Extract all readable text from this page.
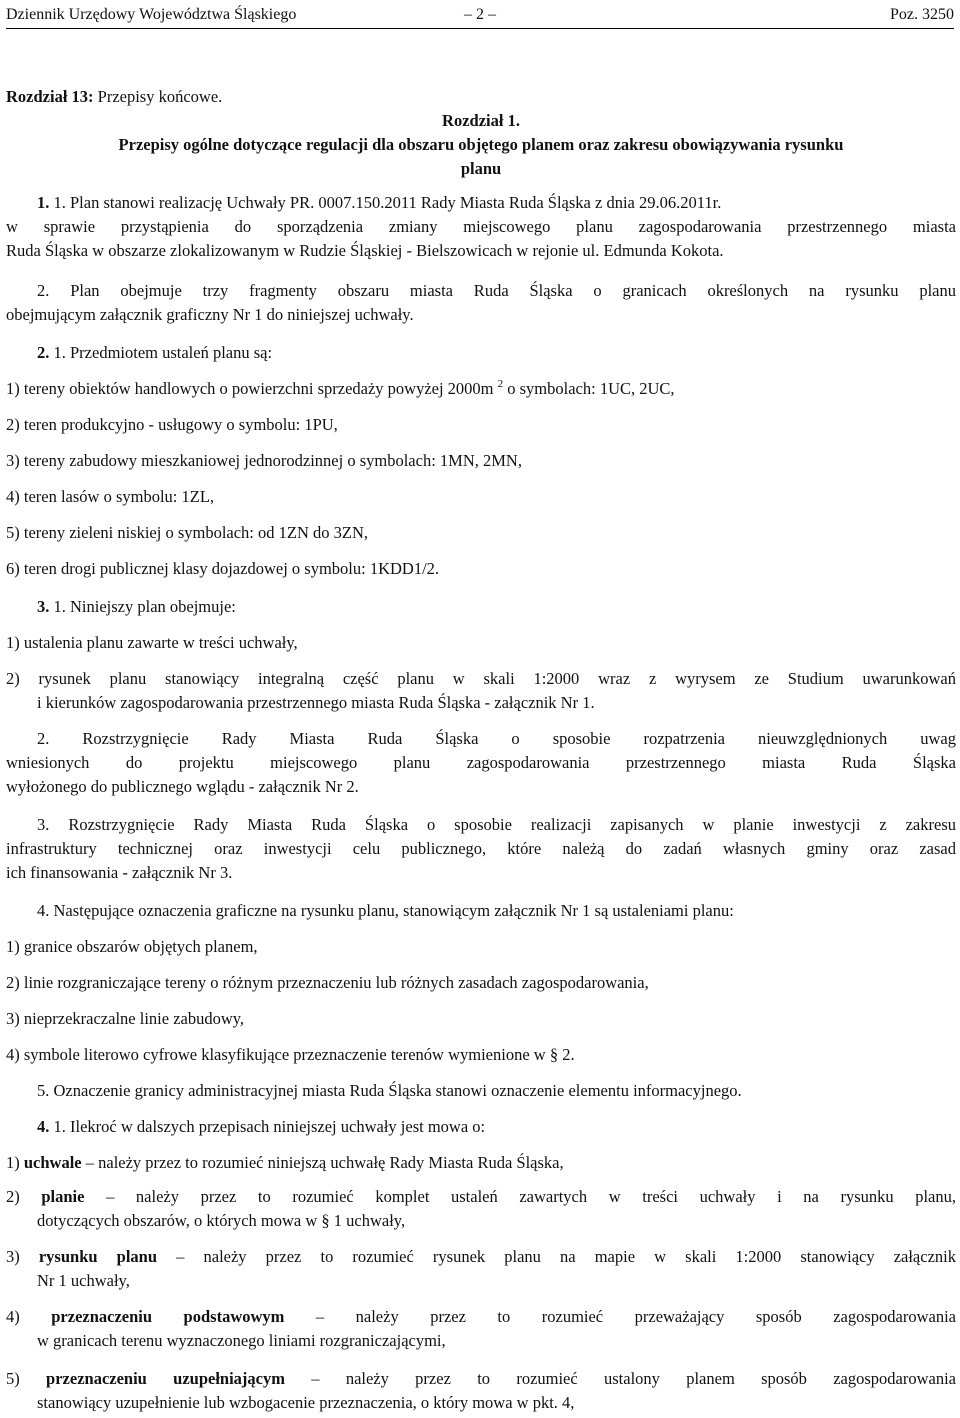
Dziennik Urzędowy Województwa Śląskiego	– 2 –	Poz. 3250
Rozdział 13: Przepisy końcowe.
Rozdział 1.
Przepisy ogólne dotyczące regulacji dla obszaru objętego planem oraz zakresu obowiązywania rysunku
planu
1. 1. Plan stanowi realizację Uchwały PR. 0007.150.2011 Rady Miasta Ruda Śląska z dnia 29.06.2011r.
w sprawie przystąpienia do sporządzenia zmiany miejscowego planu zagospodarowania przestrzennego miasta
Ruda Śląska w obszarze zlokalizowanym w Rudzie Śląskiej - Bielszowicach w rejonie ul. Edmunda Kokota.
2. Plan obejmuje trzy fragmenty obszaru miasta Ruda Śląska o granicach określonych na rysunku planu
obejmującym załącznik graficzny Nr 1 do niniejszej uchwały.
2. 1. Przedmiotem ustaleń planu są:
1) tereny obiektów handlowych o powierzchni sprzedaży powyżej 2000m $^2$ o symbolach: 1UC, 2UC,
2) teren produkcyjno - usługowy o symbolu: 1PU,
3) tereny zabudowy mieszkaniowej jednorodzinnej o symbolach: 1MN, 2MN,
4) teren lasów o symbolu: 1ZL,
5) tereny zieleni niskiej o symbolach: od 1ZN do 3ZN,
6) teren drogi publicznej klasy dojazdowej o symbolu: 1KDD1/2.
3. 1. Niniejszy plan obejmuje:
1) ustalenia planu zawarte w treści uchwały,
2) rysunek planu stanowiący integralną część planu w skali 1:2000 wraz z wyrysem ze Studium uwarunkowań
i kierunków zagospodarowania przestrzennego miasta Ruda Śląska - załącznik Nr 1.
2. Rozstrzygnięcie Rady Miasta Ruda Śląska o sposobie rozpatrzenia nieuwzględnionych uwag
wniesionych do projektu miejscowego planu zagospodarowania przestrzennego miasta Ruda Śląska
wyłożonego do publicznego wglądu - załącznik Nr 2.
3. Rozstrzygnięcie Rady Miasta Ruda Śląska o sposobie realizacji zapisanych w planie inwestycji z zakresu
infrastruktury technicznej oraz inwestycji celu publicznego, które należą do zadań własnych gminy oraz zasad
ich finansowania - załącznik Nr 3.
4. Następujące oznaczenia graficzne na rysunku planu, stanowiącym załącznik Nr 1 są ustaleniami planu:
1) granice obszarów objętych planem,
2) linie rozgraniczające tereny o różnym przeznaczeniu lub różnych zasadach zagospodarowania,
3) nieprzekraczalne linie zabudowy,
4) symbole literowo cyfrowe klasyfikujące przeznaczenie terenów wymienione w § 2.
5. Oznaczenie granicy administracyjnej miasta Ruda Śląska stanowi oznaczenie elementu informacyjnego.
4. 1. Ilekroć w dalszych przepisach niniejszej uchwały jest mowa o:
1) uchwale – należy przez to rozumieć niniejszą uchwałę Rady Miasta Ruda Śląska,
2) planie – należy przez to rozumieć komplet ustaleń zawartych w treści uchwały i na rysunku planu,
dotyczących obszarów, o których mowa w § 1 uchwały,
3) rysunku planu – należy przez to rozumieć rysunek planu na mapie w skali 1:2000 stanowiący załącznik
Nr 1 uchwały,
4) przeznaczeniu podstawowym – należy przez to rozumieć przeważający sposób zagospodarowania
w granicach terenu wyznaczonego liniami rozgraniczającymi,
5) przeznaczeniu uzupełniającym – należy przez to rozumieć ustalony planem sposób zagospodarowania
stanowiący uzupełnienie lub wzbogacenie przeznaczenia, o który mowa w pkt. 4,
